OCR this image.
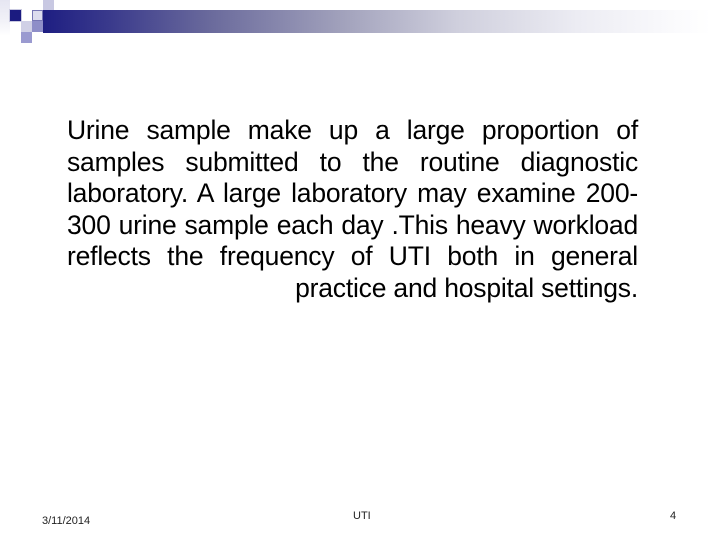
Urine sample make up a large proportion of samples submitted to the routine diagnostic laboratory. A large laboratory may examine 200-300 urine sample each day .This heavy workload reflects the frequency of UTI both in general practice and hospital settings.
3/11/2014	UTI	4
